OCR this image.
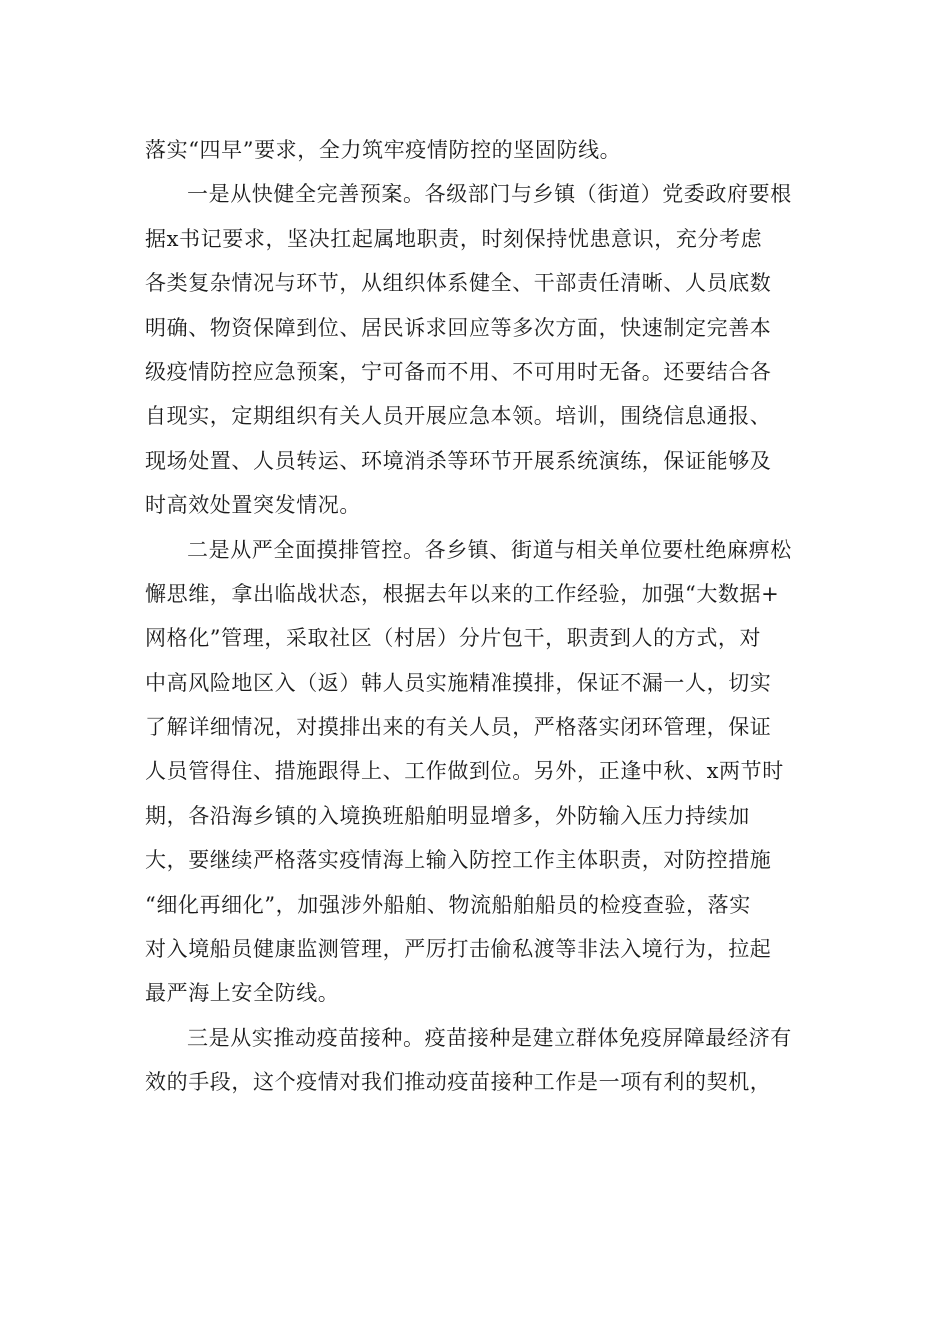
落实“四早”要求，全力筑牢疫情防控的坚固防线。
一是从快健全完善预案。各级部门与乡镇（街道）党委政府要根
据x书记要求，坚决扛起属地职责，时刻保持忧患意识，充分考虑
各类复杂情况与环节，从组织体系健全、干部责任清晰、人员底数
明确、物资保障到位、居民诉求回应等多次方面，快速制定完善本
级疫情防控应急预案，宁可备而不用、不可用时无备。还要结合各
自现实，定期组织有关人员开展应急本领。培训，围绕信息通报、
现场处置、人员转运、环境消杀等环节开展系统演练，保证能够及
时高效处置突发情况。
二是从严全面摸排管控。各乡镇、街道与相关单位要杜绝麻痹松
懈思维，拿出临战状态，根据去年以来的工作经验，加强“大数据+
网格化”管理，采取社区（村居）分片包干，职责到人的方式，对
中高风险地区入（返）韩人员实施精准摸排，保证不漏一人，切实
了解详细情况，对摸排出来的有关人员，严格落实闭环管理，保证
人员管得住、措施跟得上、工作做到位。另外，正逢中秋、x两节时
期，各沿海乡镇的入境换班船舶明显增多，外防输入压力持续加
大，要继续严格落实疫情海上输入防控工作主体职责，对防控措施
“细化再细化”，加强涉外船舶、物流船舶船员的检疫查验，落实
对入境船员健康监测管理，严厉打击偷私渡等非法入境行为，拉起
最严海上安全防线。
三是从实推动疫苗接种。疫苗接种是建立群体免疫屏障最经济有
效的手段，这个疫情对我们推动疫苗接种工作是一项有利的契机，
